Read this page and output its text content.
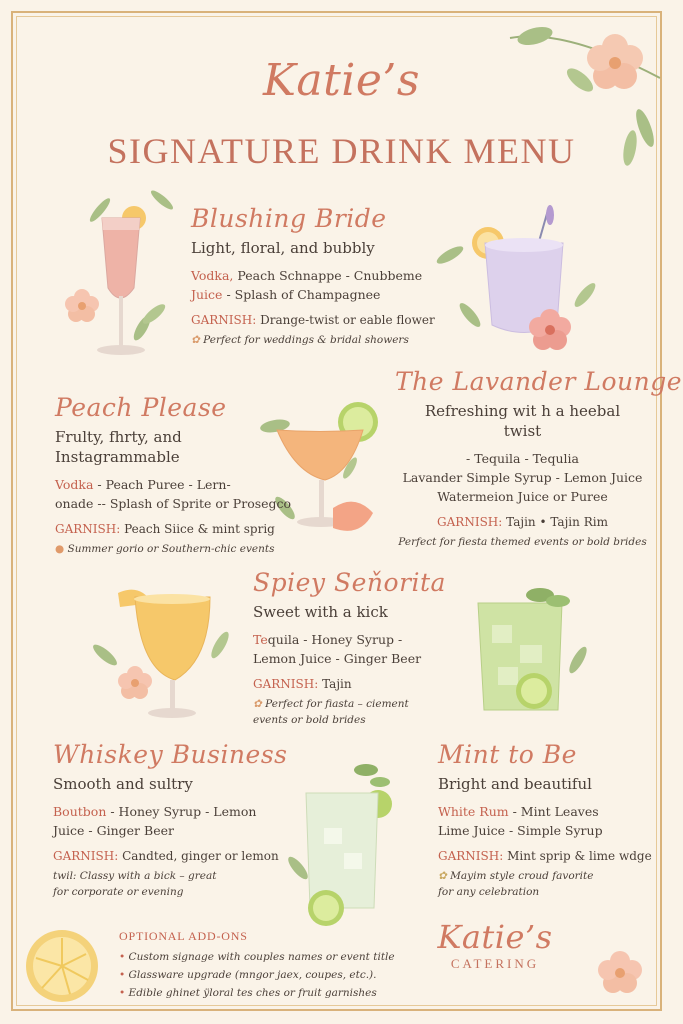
Katie’s
SIGNATURE DRINK MENU
Blushing Bride
Light, floral, and bubbly
Vodka, Peach Schnappe - Cnubbeme
Juice - Splash of Champagnee
GARNISH: Drange-twist or eable flower
✿ Perfect for weddings & bridal showers
The Lavander Lounge
Refreshing wit h a heebal
twist
- Tequila - Tequlia
Lavander Simple Syrup - Lemon Juice
Watermeion Juice or Puree
GARNISH: Tajin • Tajin Rim
Perfect for fiesta themed events or bold brides
Peach Please
Frulty, fhrty, and
Instagrammable
Vodka - Peach Puree - Lern-
onade -- Splash of Sprite or Prosegco
GARNISH: Peach Siice & mint sprig
● Summer gorio or Southern-chic events
Spiey Seňorita
Sweet with a kick
Tequila - Honey Syrup -
Lemon Juice - Ginger Beer
GARNISH: Tajin
✿ Perfect for fiasta – ciement
events or bold brides
Whiskey Business
Smooth and sultry
Boutbon - Honey Syrup - Lemon
Juice - Ginger Beer
GARNISH: Candted, ginger or lemon
twil: Classy with a bick – great
for corporate or evening
Mint to Be
Bright and beautiful
White Rum - Mint Leaves
Lime Juice - Simple Syrup
GARNISH: Mint sprip & lime wdge
✿ Mayim style croud favorite
for any celebration
OPTIONAL ADD-ONS
• Custom signage with couples names or event title
• Glassware upgrade (mngor jaex, coupes, etc.).
• Edible ghinet ÿloral tes ches or fruit garnishes
Katie’s
CATERING
